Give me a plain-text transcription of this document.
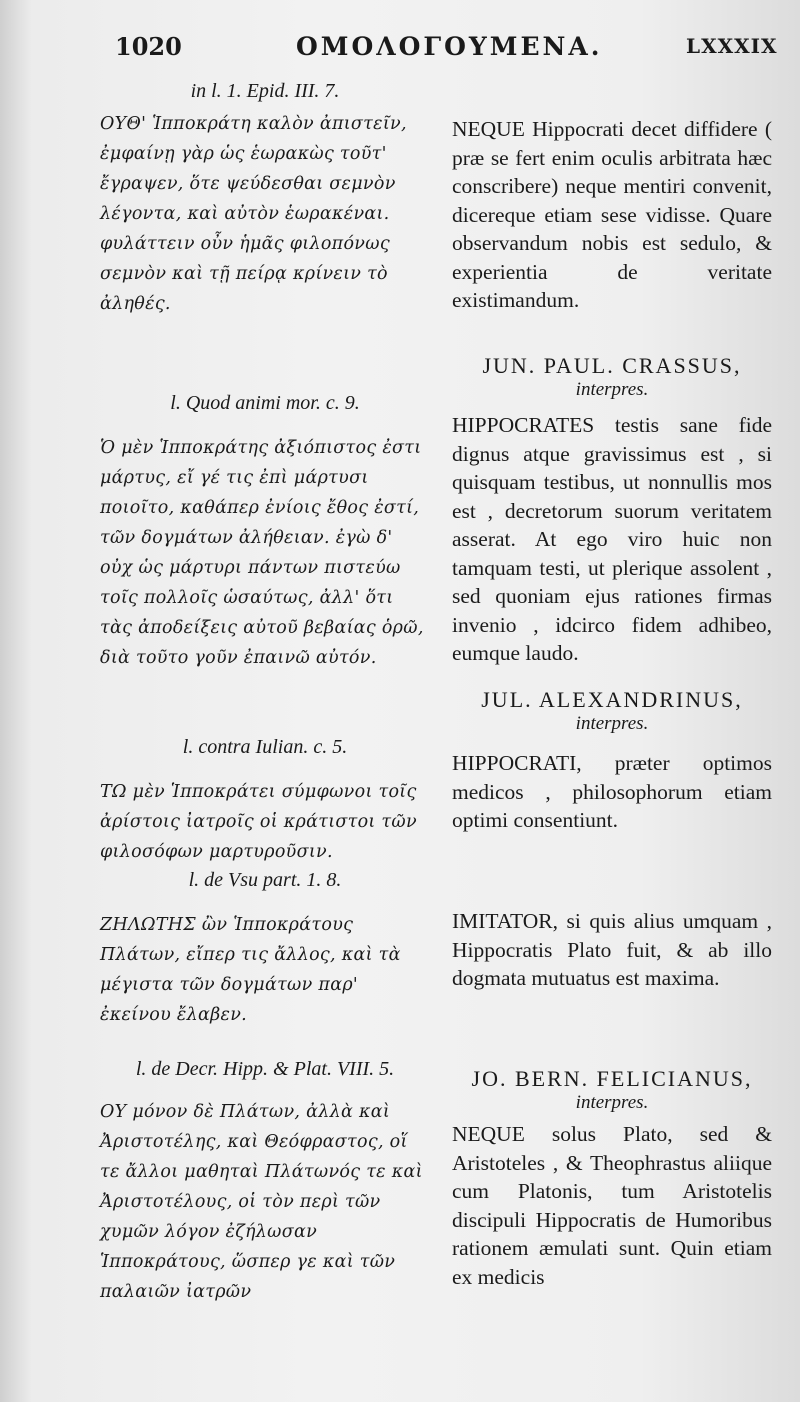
1020	ΟΜΟΛΟΓΟΥΜΕΝΑ.	LXXXIX
in l. 1. Epid. III. 7.
ΟΥΘ' Ἱπποκράτη καλὸν ἀπιστεῖν, ἐμφαίνῃ γὰρ ὡς ἑωρακὼς τοῦτ' ἔγραψεν, ὅτε ψεύδεσθαι σεμνὸν λέγοντα, καὶ αὐτὸν ἑωρακέναι. φυλάττειν οὖν ἡμᾶς φιλοπόνως σεμνὸν καὶ τῇ πείρᾳ κρίνειν τὸ ἀληθές.
l. Quod animi mor. c. 9.
Ὁ μὲν Ἱπποκράτης ἀξιόπιστος ἐστι μάρτυς, εἴ γέ τις ἐπὶ μάρτυσι ποιοῖτο, καθάπερ ἐνίοις ἔθος ἐστί, τῶν δογμάτων ἀλήθειαν. ἐγὼ δ' οὐχ ὡς μάρτυρι πάντων πιστεύω τοῖς πολλοῖς ὡσαύτως, ἀλλ' ὅτι τὰς ἀποδείξεις αὐτοῦ βεβαίας ὁρῶ, διὰ τοῦτο γοῦν ἐπαινῶ αὐτόν.
l. contra Iulian. c. 5.
ΤΩ μὲν Ἱπποκράτει σύμφωνοι τοῖς ἀρίστοις ἰατροῖς οἱ κράτιστοι τῶν φιλοσόφων μαρτυροῦσιν.
l. de Vsu part. 1. 8.
ΖΗΛΩΤΗΣ ὢν Ἱπποκράτους Πλάτων, εἴπερ τις ἄλλος, καὶ τὰ μέγιστα τῶν δογμάτων παρ' ἐκείνου ἔλαβεν.
l. de Decr. Hipp. & Plat. VIII. 5.
ΟΥ μόνον δὲ Πλάτων, ἀλλὰ καὶ Ἀριστοτέλης, καὶ Θεόφραστος, οἵ τε ἄλλοι μαθηταὶ Πλάτωνός τε καὶ Ἀριστοτέλους, οἱ τὸν περὶ τῶν χυμῶν λόγον ἐζήλωσαν Ἱπποκράτους, ὥσπερ γε καὶ τῶν παλαιῶν ἰατρῶν
NEQUE Hippocrati decet diffidere ( præ se fert enim oculis arbitrata hæc conscribere) neque mentiri convenit, dicereque etiam sese vidisse. Quare observandum nobis est sedulo, & experientia de veritate existimandum.
JUN. PAUL. CRASSUS,
interpres.
HIPPOCRATES testis sane fide dignus atque gravissimus est , si quisquam testibus, ut nonnullis mos est , decretorum suorum veritatem asserat. At ego viro huic non tamquam testi, ut plerique assolent , sed quoniam ejus rationes firmas invenio , idcirco fidem adhibeo, eumque laudo.
JUL. ALEXANDRINUS,
interpres.
HIPPOCRATI, præter optimos medicos , philosophorum etiam optimi consentiunt.
IMITATOR, si quis alius umquam , Hippocratis Plato fuit, & ab illo dogmata mutuatus est maxima.
JO. BERN. FELICIANUS,
interpres.
NEQUE solus Plato, sed & Aristoteles , & Theophrastus aliique cum Platonis, tum Aristotelis discipuli Hippocratis de Humoribus rationem æmulati sunt. Quin etiam ex medicis
